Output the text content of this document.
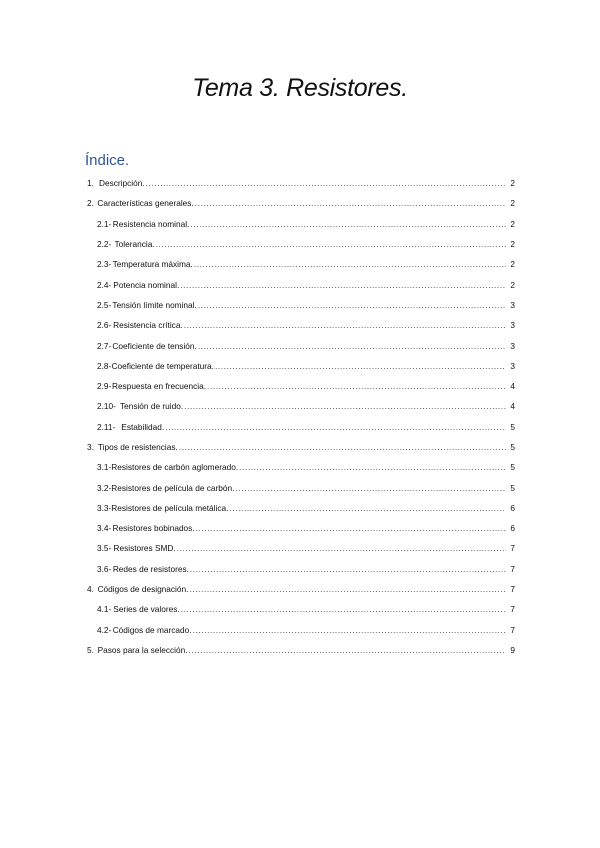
Tema 3. Resistores.
Índice.
1. Descripción. .....	2
2. Características generales. .....	2
2.1- Resistencia nominal. .....	2
2.2- Tolerancia. .....	2
2.3- Temperatura máxima. .....	2
2.4- Potencia nominal. .....	2
2.5- Tensión límite nominal. .....	3
2.6- Resistencia crítica. .....	3
2.7- Coeficiente de tensión. .....	3
2.8- Coeficiente de temperatura. .....	3
2.9- Respuesta en frecuencia. .....	4
2.10- Tensión de ruido. .....	4
2.11- Estabilidad. .....	5
3. Tipos de resistencias. .....	5
3.1- Resistores de carbón aglomerado. .....	5
3.2- Resistores de película de carbón. .....	5
3.3- Resistores de película metálica. .....	6
3.4- Resistores bobinados. .....	6
3.5- Resistores SMD. .....	7
3.6- Redes de resistores. .....	7
4. Códigos de designación. .....	7
4.1- Series de valores. .....	7
4.2- Códigos de marcado. .....	7
5. Pasos para la selección. .....	9
